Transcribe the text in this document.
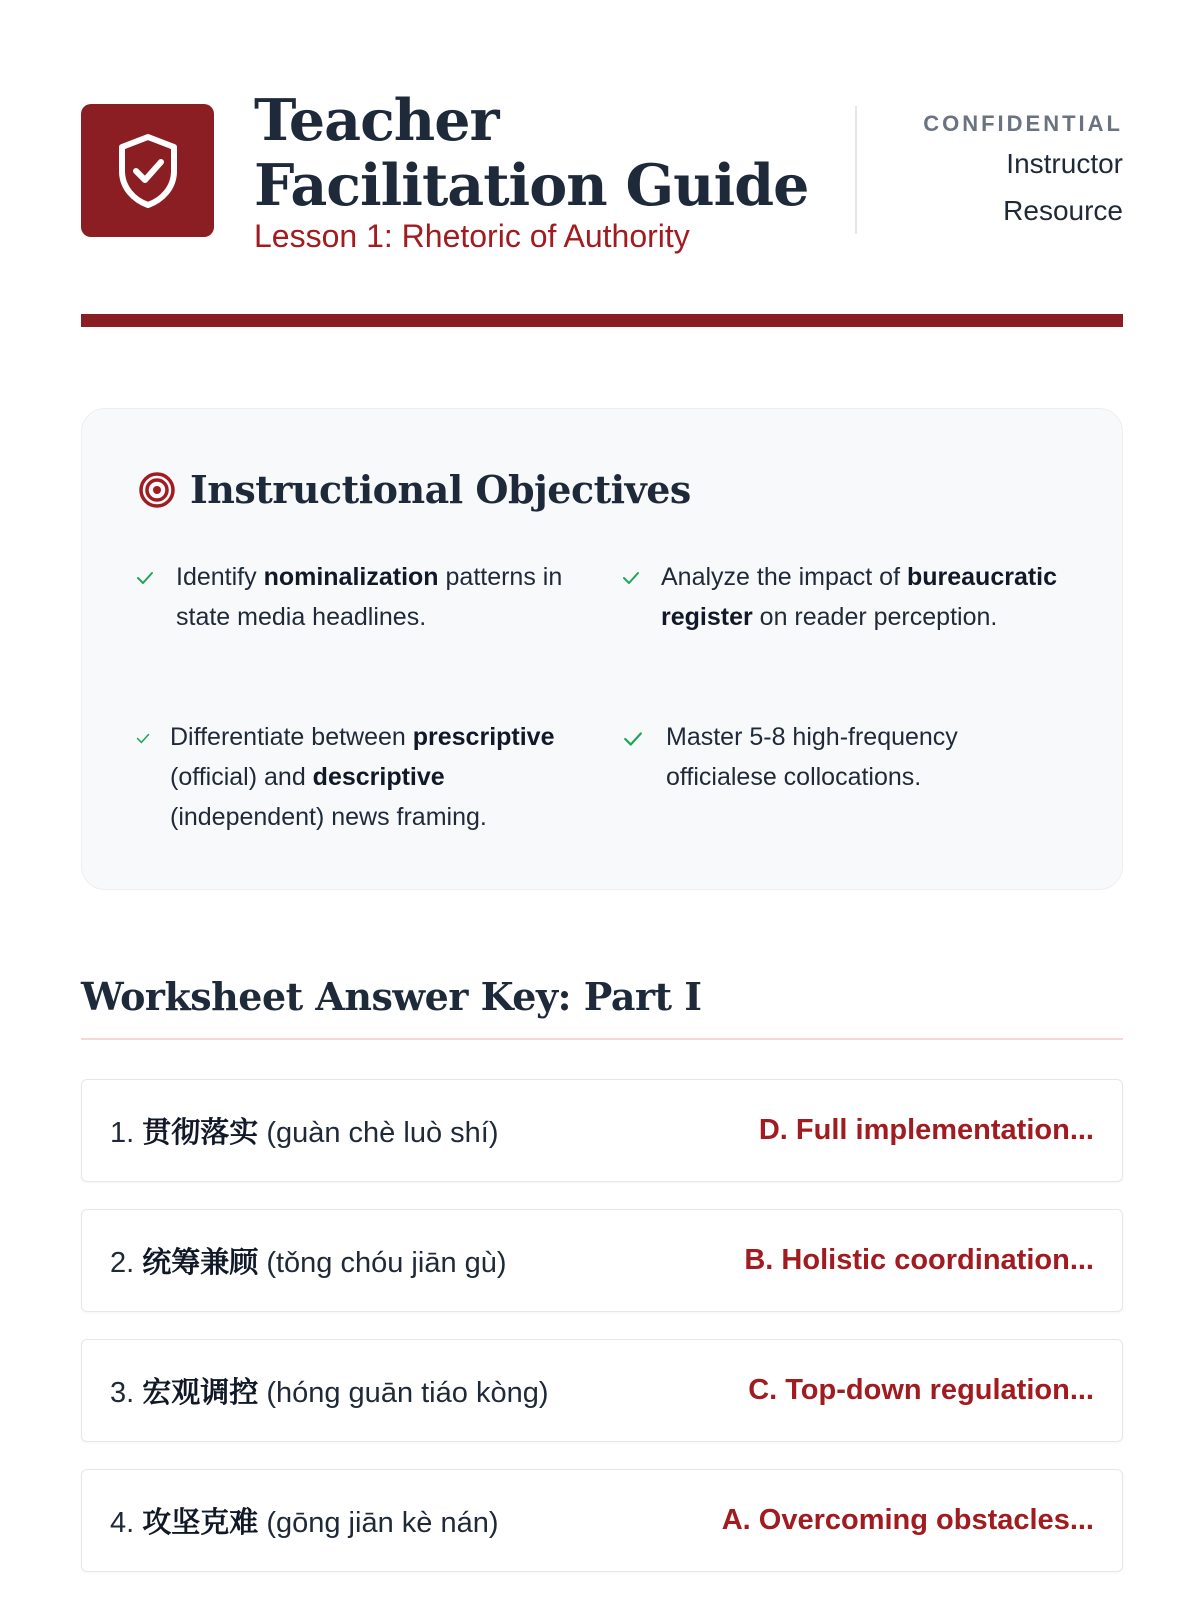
Teacher Facilitation Guide
Lesson 1: Rhetoric of Authority
CONFIDENTIAL
Instructor
Resource
Instructional Objectives
Identify nominalization patterns in state media headlines.
Analyze the impact of bureaucratic register on reader perception.
Differentiate between prescriptive (official) and descriptive (independent) news framing.
Master 5-8 high-frequency officialese collocations.
Worksheet Answer Key: Part I
1. 贯彻落实 (guàn chè luò shí)	D. Full implementation...
2. 统筹兼顾 (tǒng chóu jiān gù)	B. Holistic coordination...
3. 宏观调控 (hóng guān tiáo kòng)	C. Top-down regulation...
4. 攻坚克难 (gōng jiān kè nán)	A. Overcoming obstacles...
